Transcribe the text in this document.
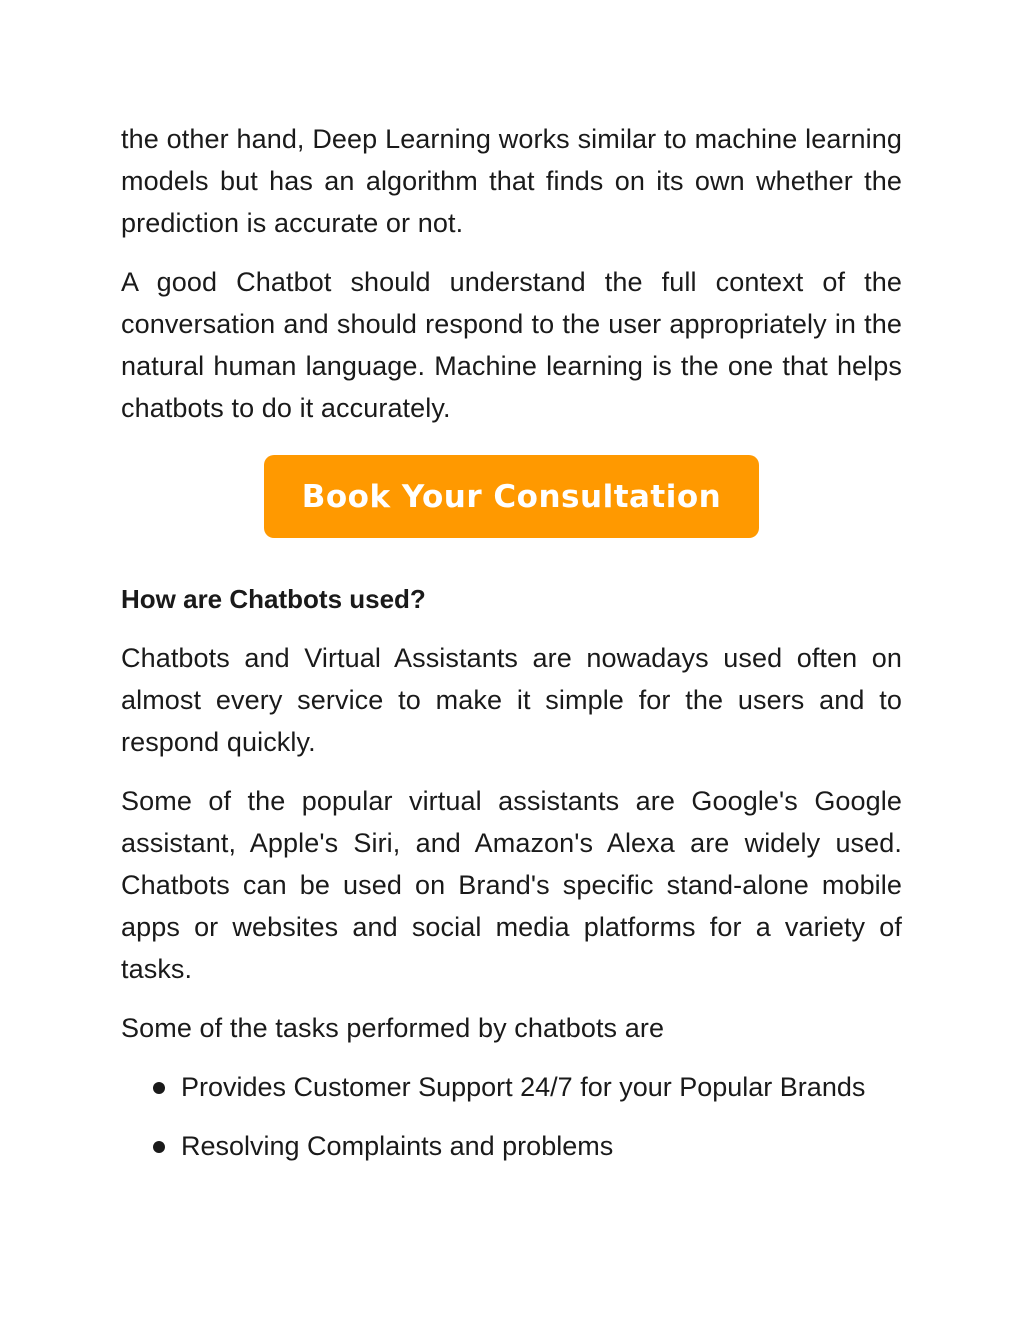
the other hand, Deep Learning works similar to machine learning models but has an algorithm that finds on its own whether the prediction is accurate or not.

A good Chatbot should understand the full context of the conversation and should respond to the user appropriately in the natural human language. Machine learning is the one that helps chatbots to do it accurately.

Book Your Consultation
How are Chatbots used?

Chatbots and Virtual Assistants are nowadays used often on almost every service to make it simple for the users and to respond quickly.

Some of the popular virtual assistants are Google's Google assistant, Apple's Siri, and Amazon's Alexa are widely used. Chatbots can be used on Brand's specific stand-alone mobile apps or websites and social media platforms for a variety of tasks.

Some of the tasks performed by chatbots are

Provides Customer Support 24/7 for your Popular Brands
Resolving Complaints and problems
